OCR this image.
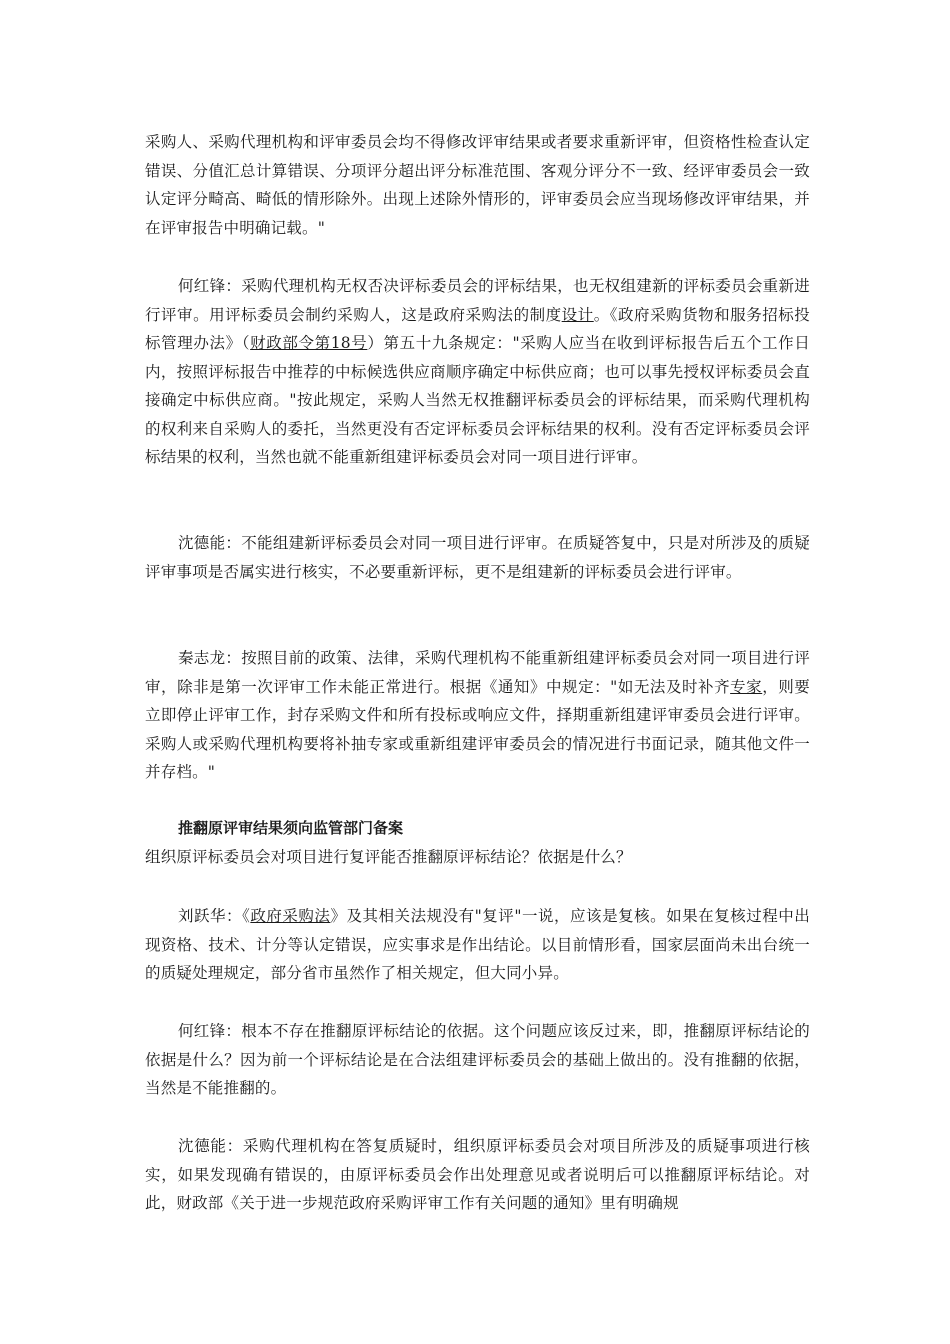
采购人、采购代理机构和评审委员会均不得修改评审结果或者要求重新评审，但资格性检查认定错误、分值汇总计算错误、分项评分超出评分标准范围、客观分评分不一致、经评审委员会一致认定评分畸高、畸低的情形除外。出现上述除外情形的，评审委员会应当现场修改评审结果，并在评审报告中明确记载。"

何红锋：采购代理机构无权否决评标委员会的评标结果，也无权组建新的评标委员会重新进行评审。用评标委员会制约采购人，这是政府采购法的制度设计。《政府采购货物和服务招标投标管理办法》（财政部令第18号）第五十九条规定："采购人应当在收到评标报告后五个工作日内，按照评标报告中推荐的中标候选供应商顺序确定中标供应商；也可以事先授权评标委员会直接确定中标供应商。"按此规定，采购人当然无权推翻评标委员会的评标结果，而采购代理机构的权利来自采购人的委托，当然更没有否定评标委员会评标结果的权利。没有否定评标委员会评标结果的权利，当然也就不能重新组建评标委员会对同一项目进行评审。

沈德能：不能组建新评标委员会对同一项目进行评审。在质疑答复中，只是对所涉及的质疑评审事项是否属实进行核实，不必要重新评标，更不是组建新的评标委员会进行评审。

秦志龙：按照目前的政策、法律，采购代理机构不能重新组建评标委员会对同一项目进行评审，除非是第一次评审工作未能正常进行。根据《通知》中规定："如无法及时补齐专家，则要立即停止评审工作，封存采购文件和所有投标或响应文件，择期重新组建评审委员会进行评审。采购人或采购代理机构要将补抽专家或重新组建评审委员会的情况进行书面记录，随其他文件一并存档。"

推翻原评审结果须向监管部门备案

组织原评标委员会对项目进行复评能否推翻原评标结论？依据是什么？

刘跃华：《政府采购法》及其相关法规没有"复评"一说，应该是复核。如果在复核过程中出现资格、技术、计分等认定错误，应实事求是作出结论。以目前情形看，国家层面尚未出台统一的质疑处理规定，部分省市虽然作了相关规定，但大同小异。

何红锋：根本不存在推翻原评标结论的依据。这个问题应该反过来，即，推翻原评标结论的依据是什么？因为前一个评标结论是在合法组建评标委员会的基础上做出的。没有推翻的依据，当然是不能推翻的。

沈德能：采购代理机构在答复质疑时，组织原评标委员会对项目所涉及的质疑事项进行核实，如果发现确有错误的，由原评标委员会作出处理意见或者说明后可以推翻原评标结论。对此，财政部《关于进一步规范政府采购评审工作有关问题的通知》里有明确规
